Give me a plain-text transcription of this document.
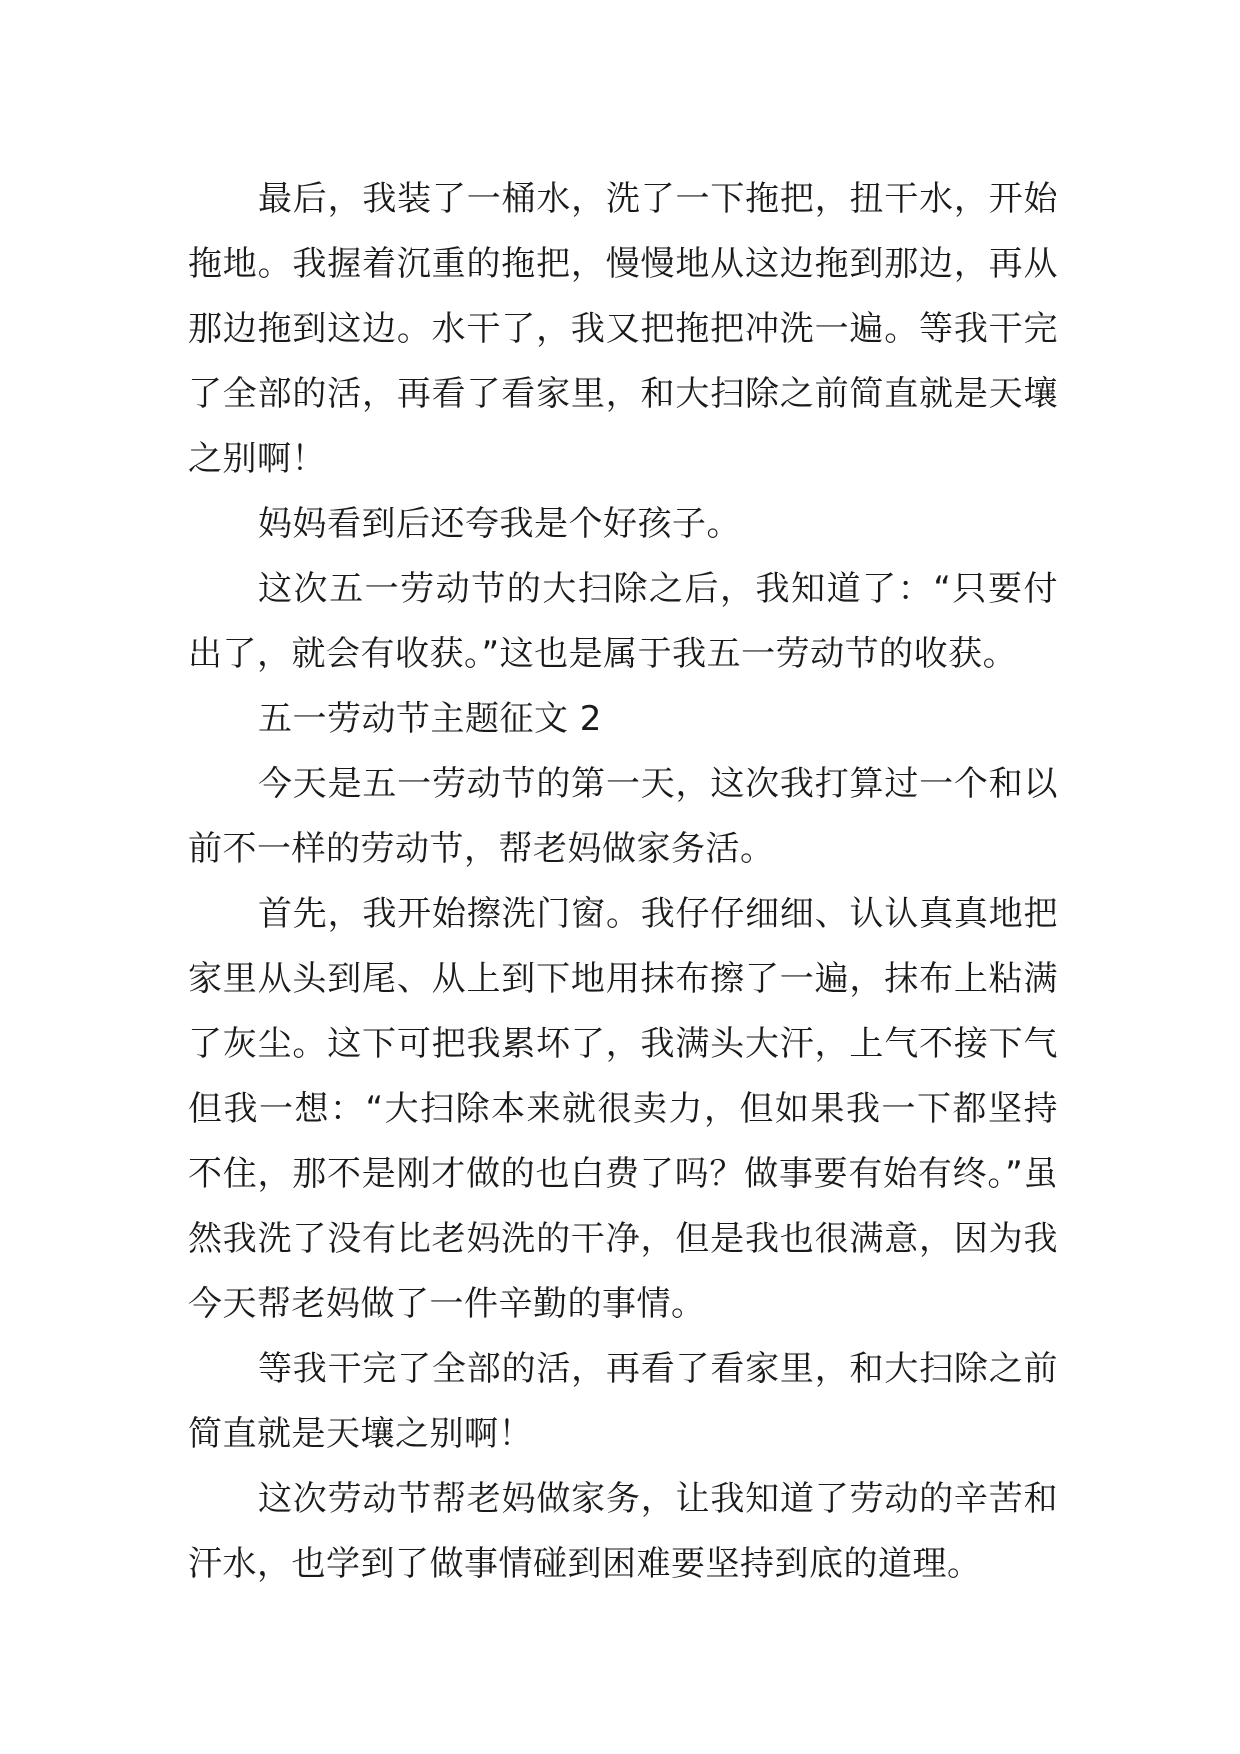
最后，我装了一桶水，洗了一下拖把，扭干水，开始拖地。我握着沉重的拖把，慢慢地从这边拖到那边，再从那边拖到这边。水干了，我又把拖把冲洗一遍。等我干完了全部的活，再看了看家里，和大扫除之前简直就是天壤之别啊！

妈妈看到后还夸我是个好孩子。

这次五一劳动节的大扫除之后，我知道了：“只要付出了，就会有收获。”这也是属于我五一劳动节的收获。

五一劳动节主题征文 2

今天是五一劳动节的第一天，这次我打算过一个和以前不一样的劳动节，帮老妈做家务活。

首先，我开始擦洗门窗。我仔仔细细、认认真真地把家里从头到尾、从上到下地用抹布擦了一遍，抹布上粘满了灰尘。这下可把我累坏了，我满头大汗，上气不接下气但我一想：“大扫除本来就很卖力，但如果我一下都坚持不住，那不是刚才做的也白费了吗？做事要有始有终。”虽然我洗了没有比老妈洗的干净，但是我也很满意，因为我今天帮老妈做了一件辛勤的事情。

等我干完了全部的活，再看了看家里，和大扫除之前简直就是天壤之别啊！

这次劳动节帮老妈做家务，让我知道了劳动的辛苦和汗水，也学到了做事情碰到困难要坚持到底的道理。
